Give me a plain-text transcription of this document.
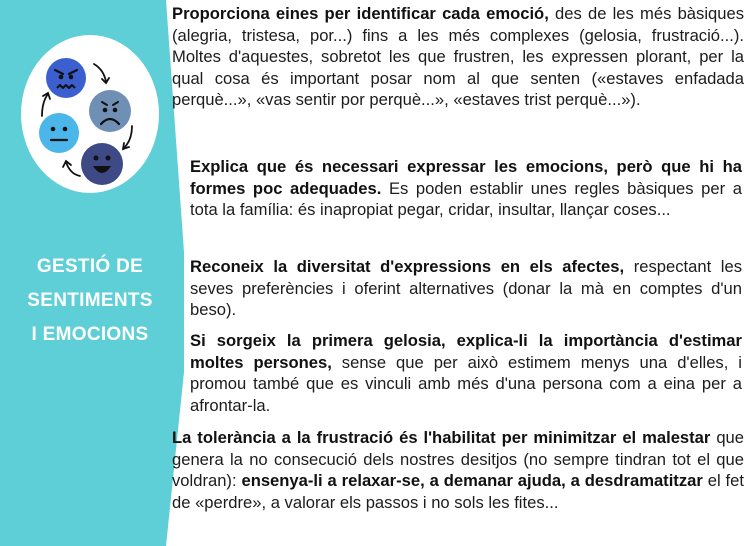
GESTIÓ DE
SENTIMENTS
I EMOCIONS
Proporciona eines per identificar cada emoció, des de les més bàsiques (alegria, tristesa, por...) fins a les més complexes (gelosia, frustració...). Moltes d'aquestes, sobretot les que frustren, les expressen plorant, per la qual cosa és important posar nom al que senten («estaves enfadada perquè...», «vas sentir por perquè...», «estaves trist perquè...»).
Explica que és necessari expressar les emocions, però que hi ha formes poc adequades. Es poden establir unes regles bàsiques per a tota la família: és inapropiat pegar, cridar, insultar, llançar coses...
Reconeix la diversitat d'expressions en els afectes, respectant les seves preferències i oferint alternatives (donar la mà en comptes d'un beso).
Si sorgeix la primera gelosia, explica-li la importància d'estimar moltes persones, sense que per això estimem menys una d'elles, i promou també que es vinculi amb més d'una persona com a eina per a afrontar-la.
La tolerància a la frustració és l'habilitat per minimitzar el malestar que genera la no consecució dels nostres desitjos (no sempre tindran tot el que voldran): ensenya-li a relaxar-se, a demanar ajuda, a desdramatitzar el fet de «perdre», a valorar els passos i no sols les fites...
